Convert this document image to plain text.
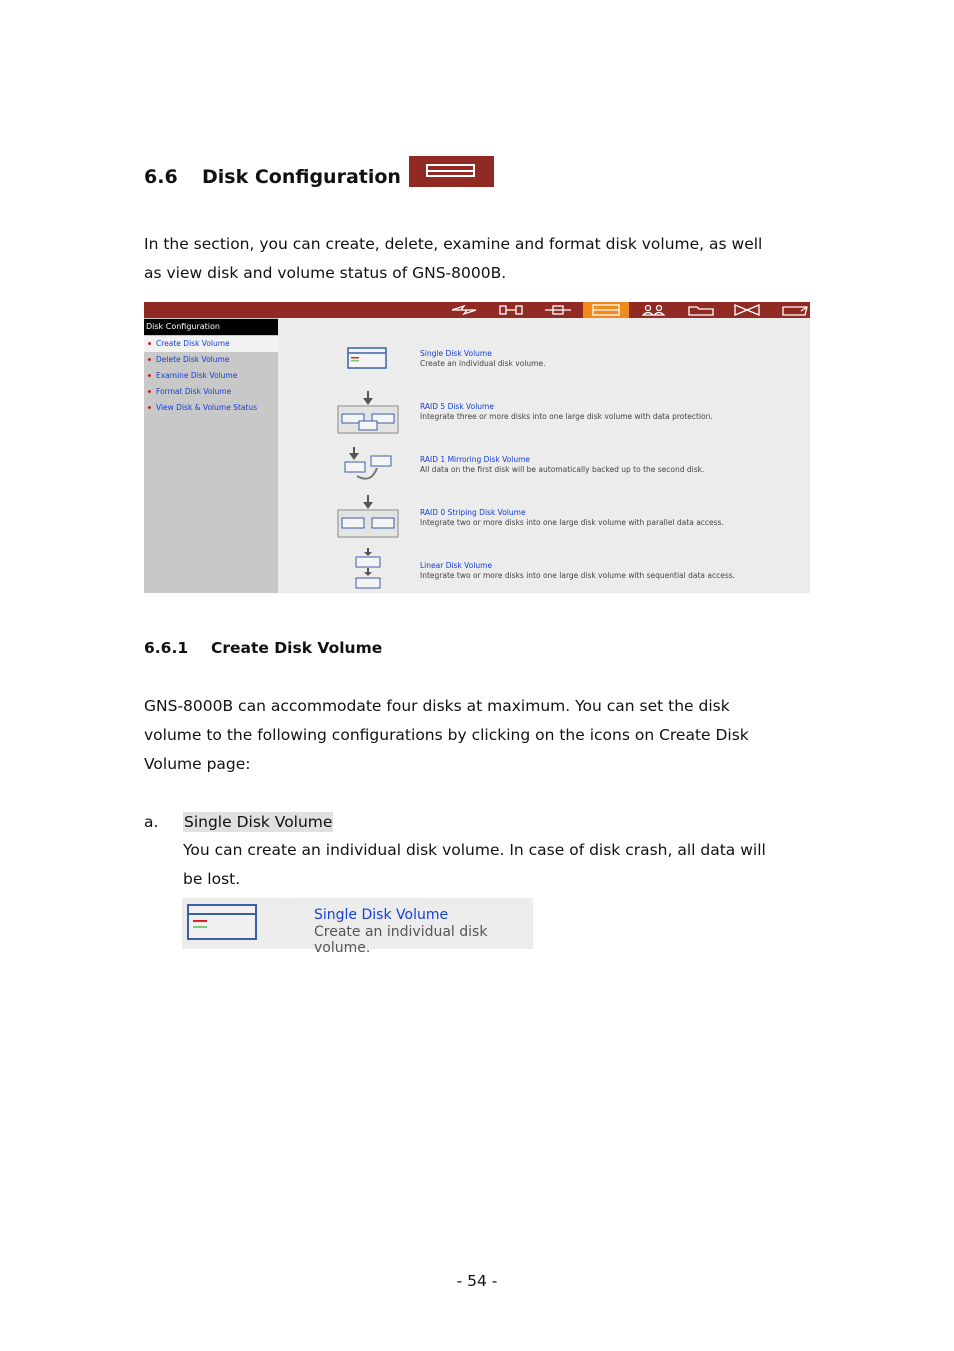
6.6 Disk Configuration
In the section, you can create, delete, examine and format disk volume, as well
as view disk and volume status of GNS-8000B.
Disk Configuration
Create Disk Volume
Delete Disk Volume
Examine Disk Volume
Format Disk Volume
View Disk & Volume Status
Single Disk Volume
Create an individual disk volume.
RAID 5 Disk Volume
Integrate three or more disks into one large disk volume with data protection.
RAID 1 Mirroring Disk Volume
All data on the first disk will be automatically backed up to the second disk.
RAID 0 Striping Disk Volume
Integrate two or more disks into one large disk volume with parallel data access.
Linear Disk Volume
Integrate two or more disks into one large disk volume with sequential data access.
6.6.1 Create Disk Volume
GNS-8000B can accommodate four disks at maximum. You can set the disk
volume to the following configurations by clicking on the icons on Create Disk
Volume page:
a. Single Disk Volume
You can create an individual disk volume. In case of disk crash, all data will
be lost.
Single Disk Volume
Create an individual disk volume.
- 54 -
